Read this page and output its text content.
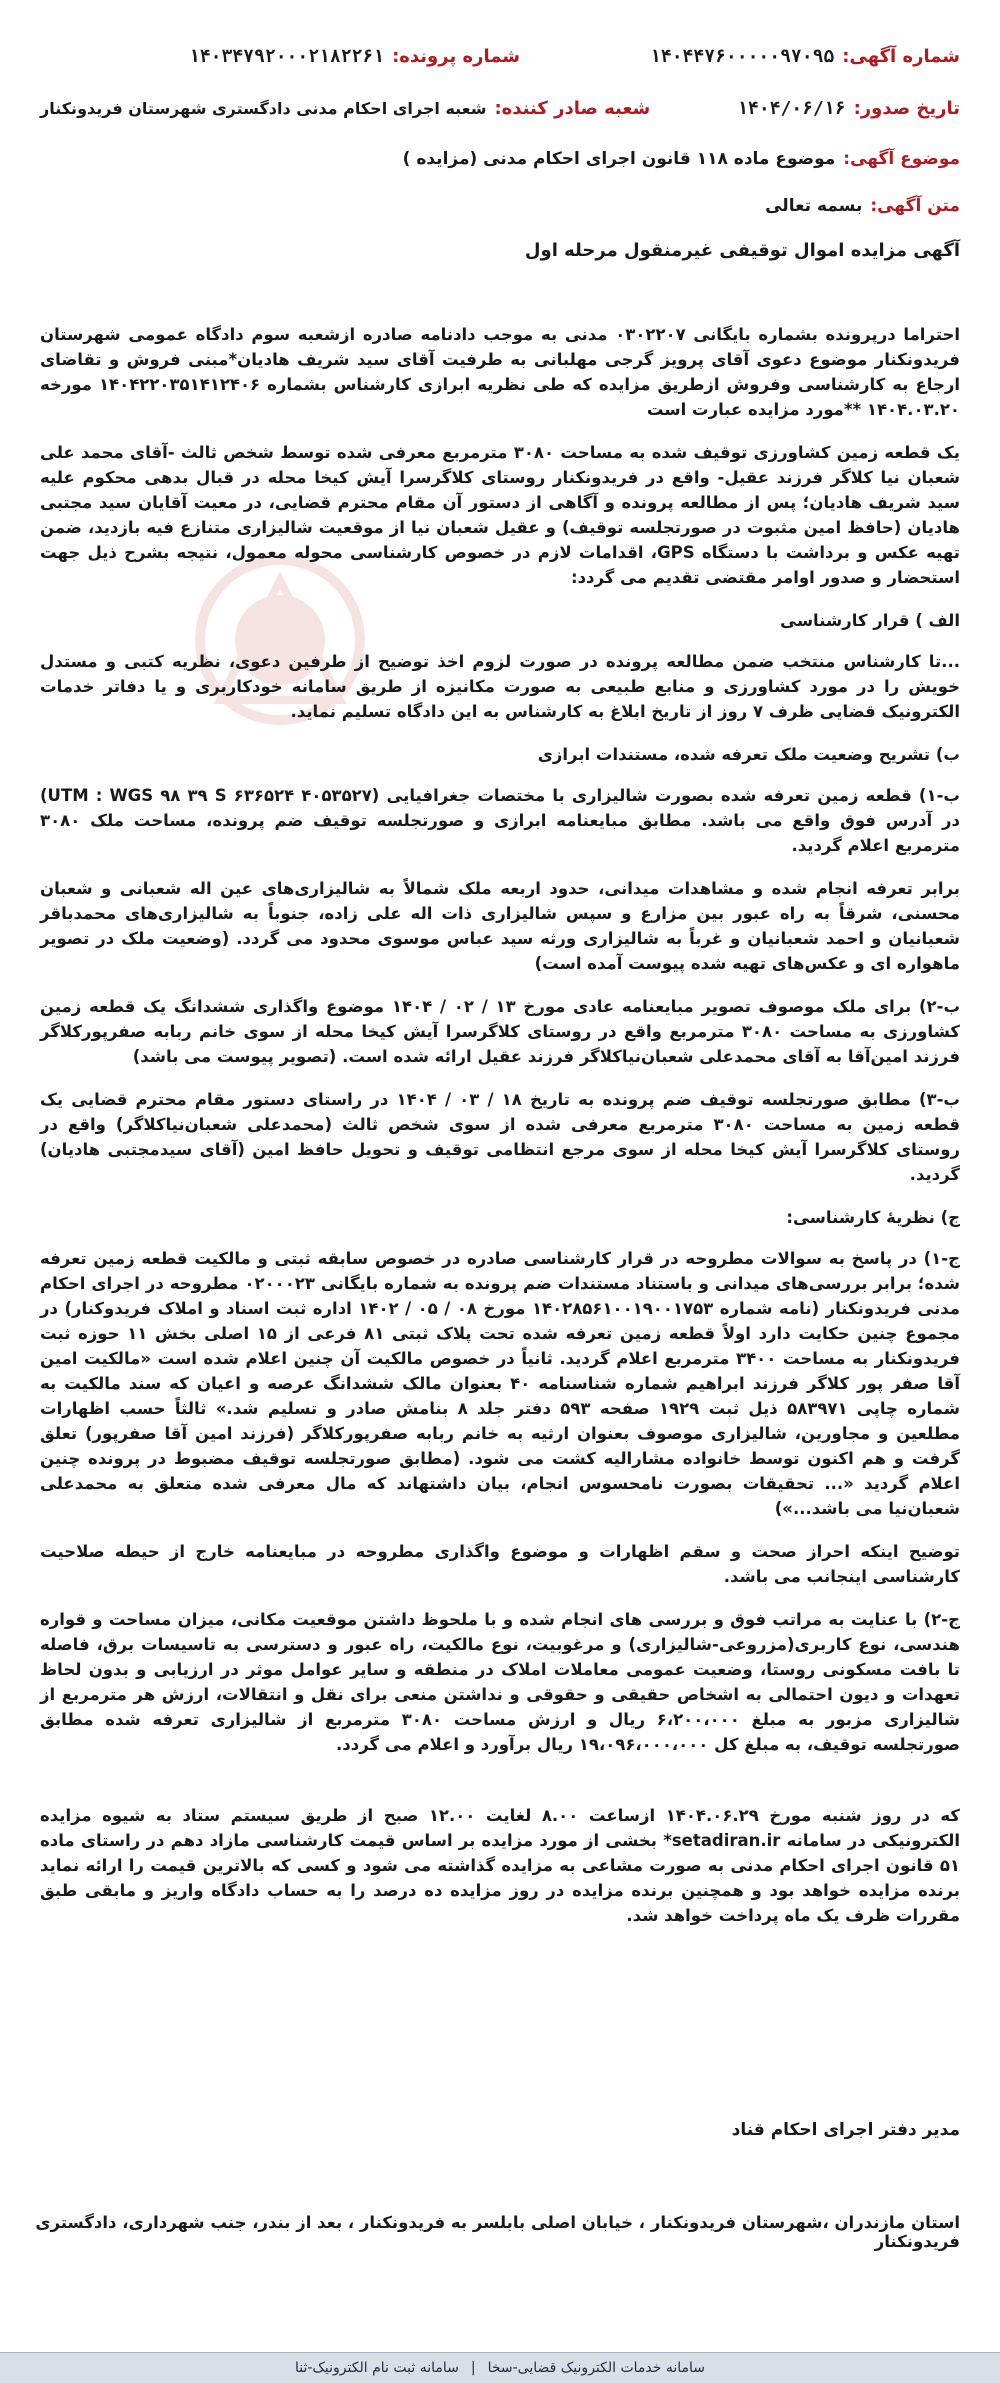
شماره آگهی:
۱۴۰۴۴۷۶۰۰۰۰۰۹۷۰۹۵
شماره پرونده:
۱۴۰۳۴۷۹۲۰۰۰۲۱۸۲۲۶۱
تاریخ صدور:
۱۴۰۴/۰۶/۱۶
شعبه صادر کننده:
شعبه اجرای احکام مدنی دادگستری شهرستان فریدونکنار
موضوع آگهی:
موضوع ماده ۱۱۸ قانون اجرای احکام مدنی (مزایده )
متن آگهی:
بسمه تعالی
آگهی مزایده اموال توقیفی غیرمنقول مرحله اول

احتراما درپرونده بشماره بایگانی ۰۳۰۲۲۰۷ مدنی به موجب دادنامه صادره ازشعبه سوم دادگاه عمومی شهرستان فریدونکنار موضوع دعوی آقای پرویز گرجی مهلبانی به طرفیت آقای سید شریف هادیان*مبنی فروش و تقاضای ارجاع به کارشناسی وفروش ازطریق مزایده که طی نظریه ابرازی کارشناس بشماره ۱۴۰۴۲۲۰۳۵۱۴۱۲۴۰۶ مورخه ۱۴۰۴.۰۳.۲۰ **مورد مزایده عبارت است

یک قطعه زمین کشاورزی توقیف شده به مساحت ۳۰۸۰ مترمربع معرفی شده توسط شخص ثالث -آقای محمد علی شعبان نیا کلاگر فرزند عقیل- واقع در فریدونکنار روستای کلاگرسرا آیش کیخا محله در قبال بدهی محکوم علیه سید شریف هادیان؛ پس از مطالعه پرونده و آگاهی از دستور آن مقام محترم قضایی، در معیت آقایان سید مجتبی هادیان (حافظ امین مثبوت در صورتجلسه توقیف) و عقیل شعبان نیا از موقعیت شالیزاری متنازع فیه بازدید، ضمن تهیه عکس و برداشت با دستگاه GPS، اقدامات لازم در خصوص کارشناسی محوله معمول، نتیجه بشرح ذیل جهت استحضار و صدور اوامر مقتضی تقدیم می گردد:

الف ) قرار کارشناسی

...تا کارشناس منتخب ضمن مطالعه پرونده در صورت لزوم اخذ توضیح از طرفین دعوی، نظریه کتبی و مستدل خویش را در مورد کشاورزی و منابع طبیعی به صورت مکانیزه از طریق سامانه خودکاربری و یا دفاتر خدمات الکترونیک قضایی ظرف ۷ روز از تاریخ ابلاغ به کارشناس به این دادگاه تسلیم نماید.

ب) تشریح وضعیت ملک تعرفه شده، مستندات ابرازی

ب-۱) قطعه زمین تعرفه شده بصورت شالیزاری با مختصات جغرافیایی (UTM : WGS ۹۸ ۳۹ S ۶۳۶۵۲۴ ۴۰۵۳۵۲۷) در آدرس فوق واقع می باشد. مطابق مبایعنامه ابرازی و صورتجلسه توقیف ضم پرونده، مساحت ملک ۳۰۸۰ مترمربع اعلام گردید.

برابر تعرفه انجام شده و مشاهدات میدانی، حدود اربعه ملک شمالاً به شالیزاری‌های عین اله شعبانی و شعبان محسنی، شرقاً به راه عبور بین مزارع و سپس شالیزاری ذات اله علی زاده، جنوباً به شالیزاری‌های محمدباقر شعبانیان و احمد شعبانیان و غرباً به شالیزاری ورثه سید عباس موسوی محدود می گردد. (وضعیت ملک در تصویر ماهواره ای و عکس‌های تهیه شده پیوست آمده است)

ب-۲) برای ملک موصوف تصویر مبایعنامه عادی مورخ ۱۳ / ۰۲ / ۱۴۰۴ موضوع واگذاری ششدانگ یک قطعه زمین کشاورزی به مساحت ۳۰۸۰ مترمربع واقع در روستای کلاگرسرا آیش کیخا محله از سوی خانم ربابه صفرپورکلاگر فرزند امین‌آقا به آقای محمدعلی شعبان‌نیاکلاگر فرزند عقیل ارائه شده است. (تصویر پیوست می باشد)

ب-۳) مطابق صورتجلسه توقیف ضم پرونده به تاریخ ۱۸ / ۰۳ / ۱۴۰۴ در راستای دستور مقام محترم قضایی یک قطعه زمین به مساحت ۳۰۸۰ مترمربع معرفی شده از سوی شخص ثالث (محمدعلی شعبان‌نیاکلاگر) واقع در روستای کلاگرسرا آیش کیخا محله از سوی مرجع انتظامی توقیف و تحویل حافظ امین (آقای سیدمجتبی هادیان) گردید.

ج) نظریهٔ کارشناسی:

ج-۱) در پاسخ به سوالات مطروحه در قرار کارشناسی صادره در خصوص سابقه ثبتی و مالکیت قطعه زمین تعرفه شده؛ برابر بررسی‌های میدانی و باستناد مستندات ضم پرونده به شماره بایگانی ۰۲۰۰۰۲۳ مطروحه در اجرای احکام مدنی فریدونکنار (نامه شماره ۱۴۰۲۸۵۶۱۰۰۱۹۰۰۱۷۵۳ مورخ ۰۸ / ۰۵ / ۱۴۰۲ اداره ثبت اسناد و املاک فریدوکنار) در مجموع چنین حکایت دارد اولاً قطعه زمین تعرفه شده تحت پلاک ثبتی ۸۱ فرعی از ۱۵ اصلی بخش ۱۱ حوزه ثبت فریدونکنار به مساحت ۳۴۰۰ مترمربع اعلام گردید. ثانیاً در خصوص مالکیت آن چنین اعلام شده است «مالکیت امین آقا صفر پور کلاگر فرزند ابراهیم شماره شناسنامه ۴۰ بعنوان مالک ششدانگ عرصه و اعیان که سند مالکیت به شماره چاپی ۵۸۳۹۷۱ ذیل ثبت ۱۹۲۹ صفحه ۵۹۳ دفتر جلد ۸ بنامش صادر و تسلیم شد.» ثالثاً حسب اظهارات مطلعین و مجاورین، شالیزاری موصوف بعنوان ارثیه به خانم ربابه صفرپورکلاگر (فرزند امین آقا صفرپور) تعلق گرفت و هم اکنون توسط خانواده مشارالیه کشت می شود. (مطابق صورتجلسه توقیف مضبوط در پرونده چنین اعلام گردید «... تحقیقات بصورت نامحسوس انجام، بیان داشتهاند که مال معرفی شده متعلق به محمدعلی شعبان‌نیا می باشد...»)

توضیح اینکه احراز صحت و سقم اظهارات و موضوع واگذاری مطروحه در مبایعنامه خارج از حیطه صلاحیت کارشناسی اینجانب می باشد.

ج-۲) با عنایت به مراتب فوق و بررسی های انجام شده و با ملحوظ داشتن موقعیت مکانی، میزان مساحت و قواره هندسی، نوع کاربری(مزروعی-شالیزاری) و مرغوبیت، نوع مالکیت، راه عبور و دسترسی به تاسیسات برق، فاصله تا بافت مسکونی روستا، وضعیت عمومی معاملات املاک در منطقه و سایر عوامل موثر در ارزیابی و بدون لحاظ تعهدات و دیون احتمالی به اشخاص حقیقی و حقوقی و نداشتن منعی برای نقل و انتقالات، ارزش هر مترمربع از شالیزاری مزبور به مبلغ ۶،۲۰۰،۰۰۰ ریال و ارزش مساحت ۳۰۸۰ مترمربع از شالیزاری تعرفه شده مطابق صورتجلسه توقیف، به مبلغ کل ۱۹،۰۹۶،۰۰۰،۰۰۰ ریال برآورد و اعلام می گردد.

که در روز شنبه مورخ ۱۴۰۴.۰۶.۲۹ ازساعت ۸.۰۰ لغایت ۱۲.۰۰ صبح از طریق سیستم ستاد به شیوه مزایده الکترونیکی در سامانه setadiran.ir* بخشی از مورد مزایده بر اساس قیمت کارشناسی مازاد دهم در راستای ماده ۵۱ قانون اجرای احکام مدنی به صورت مشاعی به مزایده گذاشته می شود و کسی که بالاترین قیمت را ارائه نماید برنده مزایده خواهد بود و همچنین برنده مزایده در روز مزایده ده درصد را به حساب دادگاه واریز و مابقی طبق مقررات ظرف یک ماه پرداخت خواهد شد.

مدیر دفتر اجرای احکام قناد
استان مازندران ،شهرستان فریدونکنار ، خیابان اصلی بابلسر به فریدونکنار ، بعد از بندر، جنب شهرداری، دادگستری فریدونکنار
سامانه خدمات الکترونیک قضایی-سخا
|
سامانه ثبت نام الکترونیک-ثنا
